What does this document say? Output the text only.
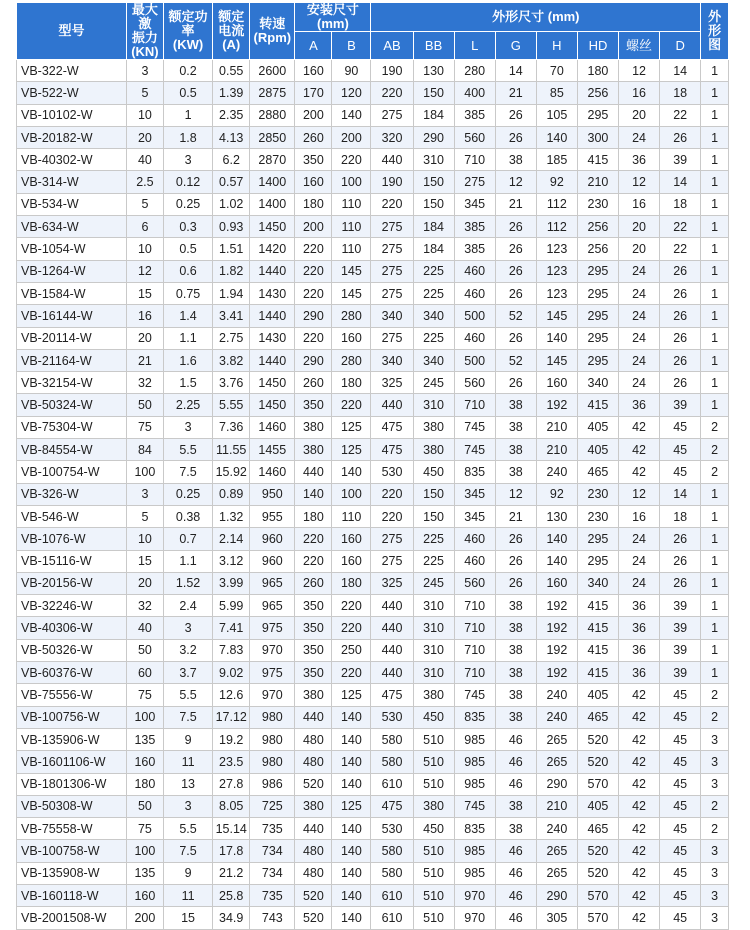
型号	最大激
振力
(KN)	额定功
率
(KW)	额定
电流
(A)	转速
(Rpm)	安装尺寸
(mm)		外形尺寸 (mm)								外
形
图
					A	B	AB	BB	L	G	H	HD	螺丝	D	
VB-322-W	3	0.2	0.55	2600	160	90	190	130	280	14	70	180	12	14	1
VB-522-W	5	0.5	1.39	2875	170	120	220	150	400	21	85	256	16	18	1
VB-10102-W	10	1	2.35	2880	200	140	275	184	385	26	105	295	20	22	1
VB-20182-W	20	1.8	4.13	2850	260	200	320	290	560	26	140	300	24	26	1
VB-40302-W	40	3	6.2	2870	350	220	440	310	710	38	185	415	36	39	1
VB-314-W	2.5	0.12	0.57	1400	160	100	190	150	275	12	92	210	12	14	1
VB-534-W	5	0.25	1.02	1400	180	110	220	150	345	21	112	230	16	18	1
VB-634-W	6	0.3	0.93	1450	200	110	275	184	385	26	112	256	20	22	1
VB-1054-W	10	0.5	1.51	1420	220	110	275	184	385	26	123	256	20	22	1
VB-1264-W	12	0.6	1.82	1440	220	145	275	225	460	26	123	295	24	26	1
VB-1584-W	15	0.75	1.94	1430	220	145	275	225	460	26	123	295	24	26	1
VB-16144-W	16	1.4	3.41	1440	290	280	340	340	500	52	145	295	24	26	1
VB-20114-W	20	1.1	2.75	1430	220	160	275	225	460	26	140	295	24	26	1
VB-21164-W	21	1.6	3.82	1440	290	280	340	340	500	52	145	295	24	26	1
VB-32154-W	32	1.5	3.76	1450	260	180	325	245	560	26	160	340	24	26	1
VB-50324-W	50	2.25	5.55	1450	350	220	440	310	710	38	192	415	36	39	1
VB-75304-W	75	3	7.36	1460	380	125	475	380	745	38	210	405	42	45	2
VB-84554-W	84	5.5	11.55	1455	380	125	475	380	745	38	210	405	42	45	2
VB-100754-W	100	7.5	15.92	1460	440	140	530	450	835	38	240	465	42	45	2
VB-326-W	3	0.25	0.89	950	140	100	220	150	345	12	92	230	12	14	1
VB-546-W	5	0.38	1.32	955	180	110	220	150	345	21	130	230	16	18	1
VB-1076-W	10	0.7	2.14	960	220	160	275	225	460	26	140	295	24	26	1
VB-15116-W	15	1.1	3.12	960	220	160	275	225	460	26	140	295	24	26	1
VB-20156-W	20	1.52	3.99	965	260	180	325	245	560	26	160	340	24	26	1
VB-32246-W	32	2.4	5.99	965	350	220	440	310	710	38	192	415	36	39	1
VB-40306-W	40	3	7.41	975	350	220	440	310	710	38	192	415	36	39	1
VB-50326-W	50	3.2	7.83	970	350	250	440	310	710	38	192	415	36	39	1
VB-60376-W	60	3.7	9.02	975	350	220	440	310	710	38	192	415	36	39	1
VB-75556-W	75	5.5	12.6	970	380	125	475	380	745	38	240	405	42	45	2
VB-100756-W	100	7.5	17.12	980	440	140	530	450	835	38	240	465	42	45	2
VB-135906-W	135	9	19.2	980	480	140	580	510	985	46	265	520	42	45	3
VB-1601106-W	160	11	23.5	980	480	140	580	510	985	46	265	520	42	45	3
VB-1801306-W	180	13	27.8	986	520	140	610	510	985	46	290	570	42	45	3
VB-50308-W	50	3	8.05	725	380	125	475	380	745	38	210	405	42	45	2
VB-75558-W	75	5.5	15.14	735	440	140	530	450	835	38	240	465	42	45	2
VB-100758-W	100	7.5	17.8	734	480	140	580	510	985	46	265	520	42	45	3
VB-135908-W	135	9	21.2	734	480	140	580	510	985	46	265	520	42	45	3
VB-160118-W	160	11	25.8	735	520	140	610	510	970	46	290	570	42	45	3
VB-2001508-W	200	15	34.9	743	520	140	610	510	970	46	305	570	42	45	3
